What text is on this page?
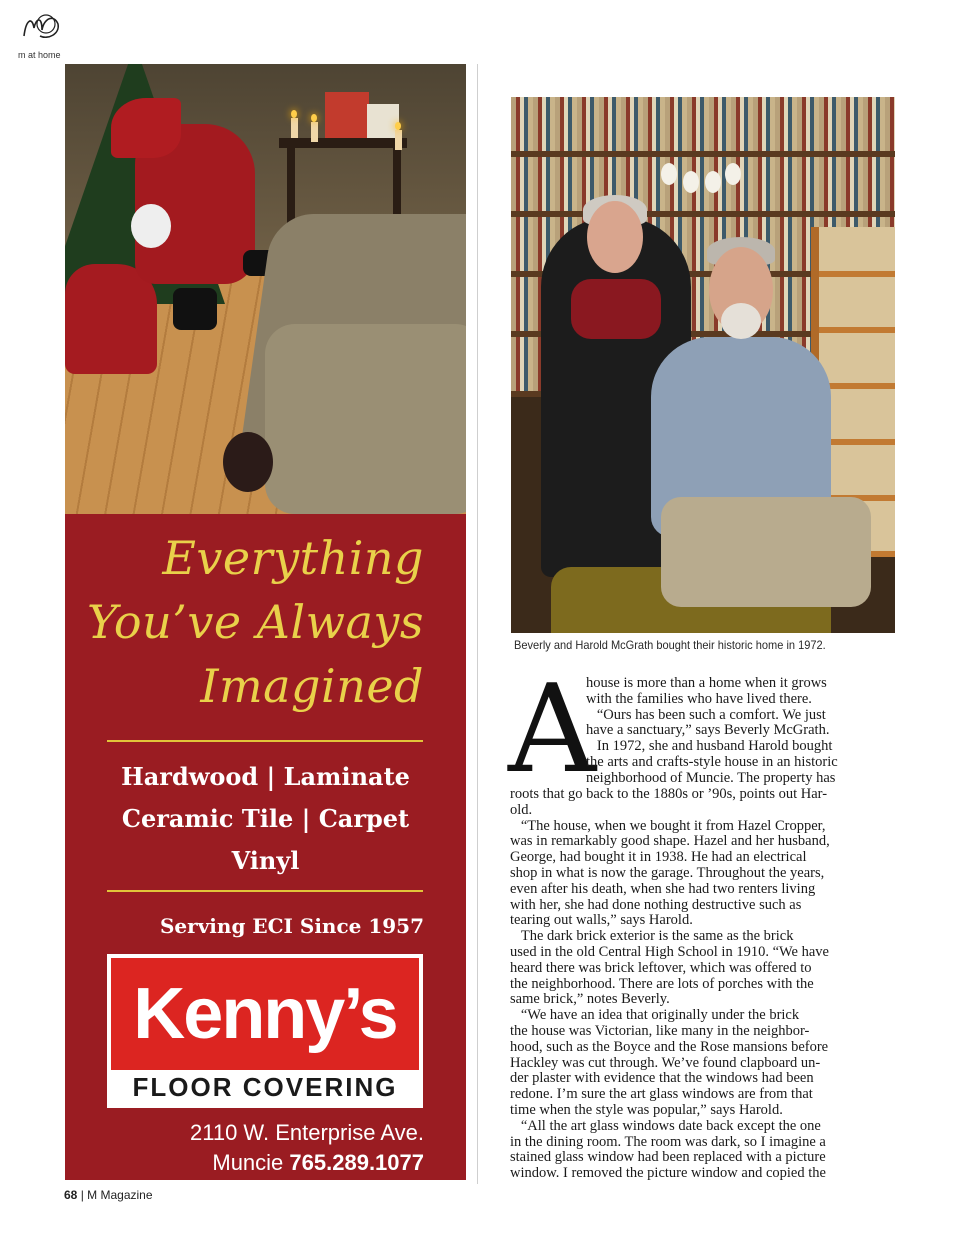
m at home
Everything
You’ve Always
Imagined
Hardwood | Laminate
Ceramic Tile | Carpet
Vinyl
Serving ECI Since 1957
Kenny’s
FLOOR COVERING
2110 W. Enterprise Ave.
Muncie 765.289.1077
Beverly and Harold McGrath bought their historic home in 1972.
A
house is more than a home when it grows
with the families who have lived there.
“Ours has been such a comfort. We just
have a sanctuary,” says Beverly McGrath.
In 1972, she and husband Harold bought
the arts and crafts-style house in an historic
neighborhood of Muncie. The property has
roots that go back to the 1880s or ’90s, points out Har-
old.
“The house, when we bought it from Hazel Cropper,
was in remarkably good shape. Hazel and her husband,
George, had bought it in 1938. He had an electrical
shop in what is now the garage. Throughout the years,
even after his death, when she had two renters living
with her, she had done nothing destructive such as
tearing out walls,” says Harold.
The dark brick exterior is the same as the brick
used in the old Central High School in 1910. “We have
heard there was brick leftover, which was offered to
the neighborhood. There are lots of porches with the
same brick,” notes Beverly.
“We have an idea that originally under the brick
the house was Victorian, like many in the neighbor-
hood, such as the Boyce and the Rose mansions before
Hackley was cut through. We’ve found clapboard un-
der plaster with evidence that the windows had been
redone. I’m sure the art glass windows are from that
time when the style was popular,” says Harold.
“All the art glass windows date back except the one
in the dining room. The room was dark, so I imagine a
stained glass window had been replaced with a picture
window. I removed the picture window and copied the
68 | M Magazine
